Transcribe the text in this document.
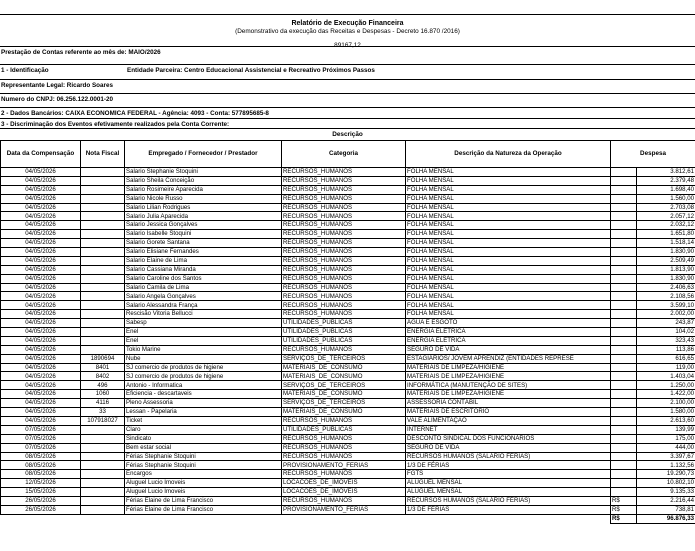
Relatório de Execução Financeira
(Demonstrativo da execução das Receitas e Despesas - Decreto 16.870 /2016)
89167,12
Prestação de Contas referente ao mês de: MAIO/2026
1 - Identificação	Entidade Parceira: Centro Educacional Assistencial e Recreativo Próximos Passos
Representante Legal: Ricardo Soares
Numero do CNPJ: 06.256.122.0001-20
2 - Dados Bancários: CAIXA ECONOMICA FEDERAL - Agência: 4093 - Conta: 577895685-8
3 - Discriminação dos Eventos efetivamente realizados pela Conta Corrente:
Descrição
Data da Compensação	Nota Fiscal	Empregado / Fornecedor / Prestador	Categoria	Descrição da Natureza da Operação	Despesa	
04/05/2026		Salario Stephanie Stoquini	RECURSOS_HUMANOS	FOLHA MENSAL		3.812,61
04/05/2026		Salario Sheila Conceição	RECURSOS_HUMANOS	FOLHA MENSAL		2.379,48
04/05/2026		Salario Rosimeire Aparecida	RECURSOS_HUMANOS	FOLHA MENSAL		1.698,40
04/05/2026		Salario Nicole Russo	RECURSOS_HUMANOS	FOLHA MENSAL		1.560,00
04/05/2026		Salario Lilian Rodrigues	RECURSOS_HUMANOS	FOLHA MENSAL		2.703,08
04/05/2026		Salario Julia Aparecida	RECURSOS_HUMANOS	FOLHA MENSAL		2.057,12
04/05/2026		Salario Jessica Gonçalves	RECURSOS_HUMANOS	FOLHA MENSAL		2.032,12
04/05/2026		Salario Isabelle Stoquini	RECURSOS_HUMANOS	FOLHA MENSAL		1.651,80
04/05/2026		Salario Gorete Santana	RECURSOS_HUMANOS	FOLHA MENSAL		1.518,14
04/05/2026		Salario Elisiane Fernandes	RECURSOS_HUMANOS	FOLHA MENSAL		1.830,90
04/05/2026		Salario Elaine de Lima	RECURSOS_HUMANOS	FOLHA MENSAL		2.509,49
04/05/2026		Salario Cassiana Miranda	RECURSOS_HUMANOS	FOLHA MENSAL		1.813,90
04/05/2026		Salario Caroline dos Santos	RECURSOS_HUMANOS	FOLHA MENSAL		1.830,90
04/05/2026		Salario Camila de Lima	RECURSOS_HUMANOS	FOLHA MENSAL		2.406,63
04/05/2026		Salario Angela Gonçalves	RECURSOS_HUMANOS	FOLHA MENSAL		2.108,56
04/05/2026		Salario Alessandra França	RECURSOS_HUMANOS	FOLHA MENSAL		3.599,10
04/05/2026		Rescisão Vitoria Bellucci	RECURSOS_HUMANOS	FOLHA MENSAL		2.002,00
04/05/2026		Sabesp	UTILIDADES_PUBLICAS	ÁGUA E ESGOTO		243,87
04/05/2026		Enel	UTILIDADES_PUBLICAS	ENERGIA ELÉTRICA		104,02
04/05/2026		Enel	UTILIDADES_PUBLICAS	ENERGIA ELÉTRICA		323,43
04/05/2026		Tokio Marine	RECURSOS_HUMANOS	SEGURO DE VIDA		113,86
04/05/2026	1890694	Nube	SERVIÇOS_DE_TERCEIROS	ESTAGIÁRIOS/ JOVEM APRENDIZ (ENTIDADES REPRESE		616,65
04/05/2026	8401	SJ comercio de produtos de higiene	MATERIAIS_DE_CONSUMO	MATERIAIS DE LIMPEZA/HIGIENE		119,00
04/05/2026	8402	SJ comercio de produtos de higiene	MATERIAIS_DE_CONSUMO	MATERIAIS DE LIMPEZA/HIGIENE		1.403,04
04/05/2026	496	Antonio - Informatica	SERVIÇOS_DE_TERCEIROS	INFORMÁTICA (MANUTENÇÃO DE SITES)		1.250,00
04/05/2026	1060	Eficiencia - descartaveis	MATERIAIS_DE_CONSUMO	MATERIAIS DE LIMPEZA/HIGIENE		1.422,00
04/05/2026	4116	Pleno Assessoria	SERVIÇOS_DE_TERCEIROS	ASSESSORIA CONTÁBIL		2.100,00
04/05/2026	33	Lessan - Papelaria	MATERIAIS_DE_CONSUMO	MATERIAIS DE ESCRITÓRIO		1.580,00
04/05/2026	107918027	Ticket	RECURSOS_HUMANOS	VALE ALIMENTAÇÃO		2.613,60
07/05/2026		Claro	UTILIDADES_PUBLICAS	INTERNET		139,99
07/05/2026		Sindicato	RECURSOS_HUMANOS	DESCONTO SINDICAL DOS FUNCIONÁRIOS		175,00
07/05/2026		Bem estar social	RECURSOS_HUMANOS	SEGURO DE VIDA		444,00
08/05/2026		Férias Stephanie Stoquini	RECURSOS_HUMANOS	RECURSOS HUMANOS (SALÁRIO FÉRIAS)		3.397,67
08/05/2026		Férias Stephanie Stoquini	PROVISIONAMENTO_FERIAS	1/3 DE FÉRIAS		1.132,56
08/05/2026		Encargos	RECURSOS_HUMANOS	FGTS		19.290,73
12/05/2026		Aluguel Lucio Imoveis	LOCACOES_DE_IMOVEIS	ALUGUEL MENSAL		10.802,10
15/05/2026		Aluguel Lucio Imoveis	LOCACOES_DE_IMOVEIS	ALUGUEL MENSAL		9.135,33
26/05/2026		Férias Elaine de Lima Francisco	RECURSOS_HUMANOS	RECURSOS HUMANOS (SALÁRIO FÉRIAS)	R$	2.216,44
26/05/2026		Férias Elaine de Lima Francisco	PROVISIONAMENTO_FERIAS	1/3 DE FÉRIAS	R$	738,81
					R$	96.876,33
